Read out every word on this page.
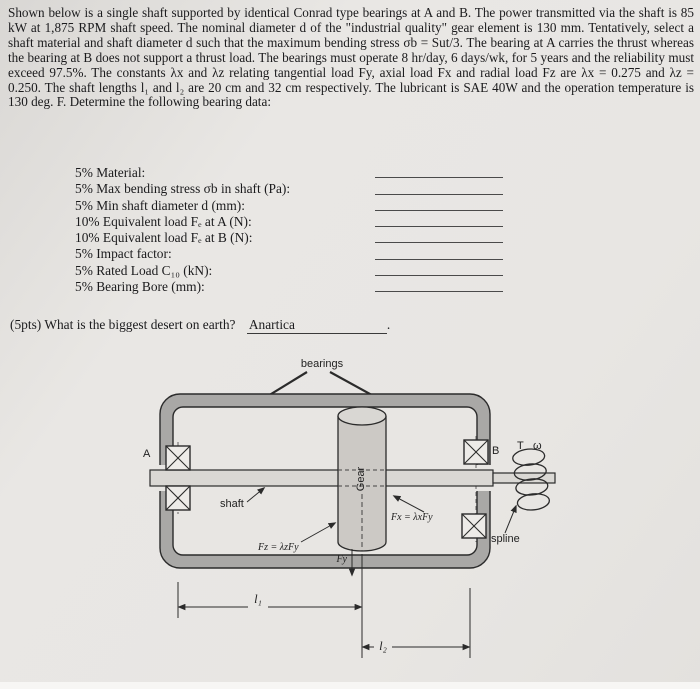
Shown below is a single shaft supported by identical Conrad type bearings at A and B. The power transmitted via the shaft is 85 kW at 1,875 RPM shaft speed. The nominal diameter d of the "industrial quality" gear element is 130 mm. Tentatively, select a shaft material and shaft diameter d such that the maximum bending stress σb = Sut/3. The bearing at A carries the thrust whereas the bearing at B does not support a thrust load. The bearings must operate 8 hr/day, 6 days/wk, for 5 years and the reliability must exceed 97.5%. The constants λx and λz relating tangential load Fy, axial load Fx and radial load Fz are λx = 0.275 and λz = 0.250. The shaft lengths l₁ and l₂ are 20 cm and 32 cm respectively. The lubricant is SAE 40W and the operation temperature is 130 deg. F. Determine the following bearing data:

5% Material:
5% Max bending stress σb in shaft (Pa):
5% Min shaft diameter d (mm):
10% Equivalent load Fₑ at A (N):
10% Equivalent load Fₑ at B (N):
5% Impact factor:
5% Rated Load C₁₀ (kN):
5% Bearing Bore (mm):
(5pts) What is the biggest desert on earth? Anartica	.
bearings
l₁
l₂
Gear
A	B
shaft
Fx = λxFy
Fz = λzFy
Fy
spline
T ω
